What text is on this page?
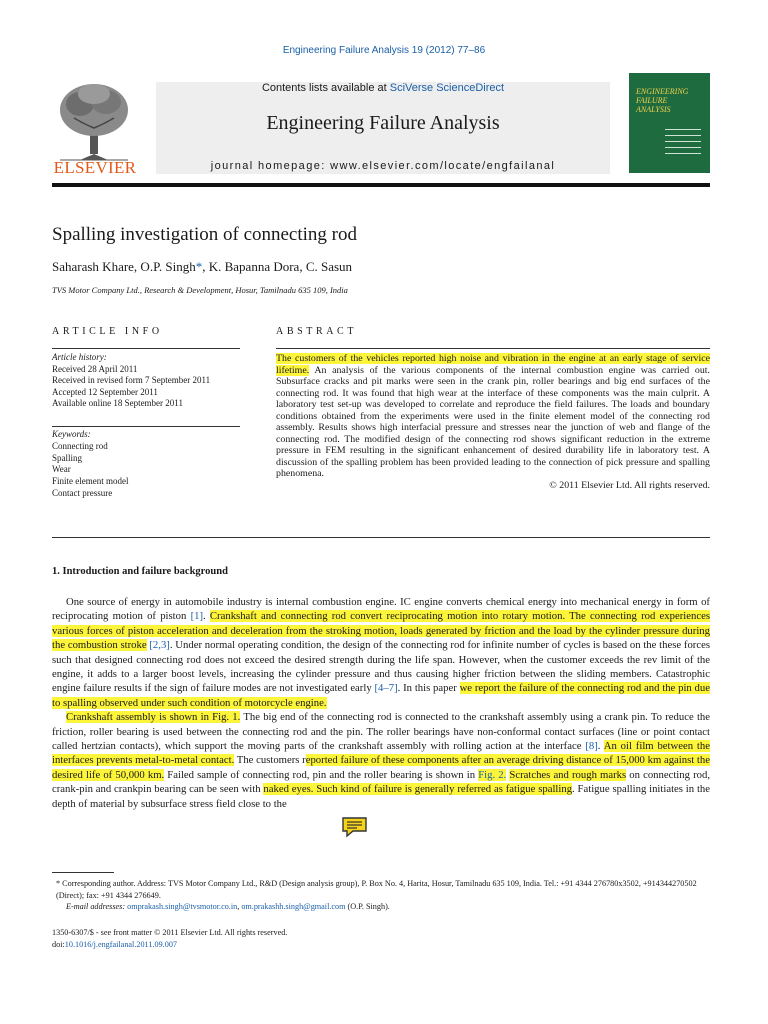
Engineering Failure Analysis 19 (2012) 77–86
ELSEVIER
Contents lists available at SciVerse ScienceDirect
Engineering Failure Analysis
journal homepage: www.elsevier.com/locate/engfailanal
ENGINEERING
FAILURE
ANALYSIS
Spalling investigation of connecting rod
Saharash Khare, O.P. Singh*, K. Bapanna Dora, C. Sasun
TVS Motor Company Ltd., Research & Development, Hosur, Tamilnadu 635 109, India
ARTICLE INFO	ABSTRACT
Article history:
Received 28 April 2011
Received in revised form 7 September 2011
Accepted 12 September 2011
Available online 18 September 2011
Keywords:
Connecting rod
Spalling
Wear
Finite element model
Contact pressure
The customers of the vehicles reported high noise and vibration in the engine at an early stage of service lifetime. An analysis of the various components of the internal combustion engine was carried out. Subsurface cracks and pit marks were seen in the crank pin, roller bearings and big end surfaces of the connecting rod. It was found that high wear at the interface of these components was the main culprit. A laboratory test set-up was developed to correlate and reproduce the field failures. The loads and boundary conditions obtained from the experiments were used in the finite element model of the connecting rod assembly. Results shows high interfacial pressure and stresses near the junction of web and flange of the connecting rod. The modified design of the connecting rod shows significant reduction in the extreme pressure in FEM resulting in the significant enhancement of desired durability life in laboratory test. A discussion of the spalling problem has been provided leading to the connection of pick pressure and spalling phenomena.
© 2011 Elsevier Ltd. All rights reserved.
1. Introduction and failure background

One source of energy in automobile industry is internal combustion engine. IC engine converts chemical energy into mechanical energy in form of reciprocating motion of piston [1]. Crankshaft and connecting rod convert reciprocating motion into rotary motion. The connecting rod experiences various forces of piston acceleration and deceleration from the stroking motion, loads generated by friction and the load by the cylinder pressure during the combustion stroke [2,3]. Under normal operating condition, the design of the connecting rod for infinite number of cycles is based on the these forces such that designed connecting rod does not exceed the desired strength during the life span. However, when the customer exceeds the rev limit of the engine, it adds to a larger boost levels, increasing the cylinder pressure and thus causing higher friction between the sliding members. Catastrophic engine failure results if the sign of failure modes are not investigated early [4–7]. In this paper we report the failure of the connecting rod and the pin due to spalling observed under such condition of motorcycle engine.

Crankshaft assembly is shown in Fig. 1. The big end of the connecting rod is connected to the crankshaft assembly using a crank pin. To reduce the friction, roller bearing is used between the connecting rod and the pin. The roller bearings have non-conformal contact surfaces (line or point contact called hertzian contacts), which support the moving parts of the crankshaft assembly with rolling action at the interface [8]. An oil film between the interfaces prevents metal-to-metal contact. The customers reported failure of these components after an average driving distance of 15,000 km against the desired life of 50,000 km. Failed sample of connecting rod, pin and the roller bearing is shown in Fig. 2. Scratches and rough marks on connecting rod, crank-pin and crankpin bearing can be seen with naked eyes. Such kind of failure is generally referred as fatigue spalling. Fatigue spalling initiates in the depth of material by subsurface stress field close to the

* Corresponding author. Address: TVS Motor Company Ltd., R&D (Design analysis group), P. Box No. 4, Harita, Hosur, Tamilnadu 635 109, India. Tel.: +91 4344 276780x3502, +914344270502 (Direct); fax: +91 4344 276649.
E-mail addresses: omprakash.singh@tvsmotor.co.in, om.prakashh.singh@gmail.com (O.P. Singh).
1350-6307/$ - see front matter © 2011 Elsevier Ltd. All rights reserved.
doi:10.1016/j.engfailanal.2011.09.007
